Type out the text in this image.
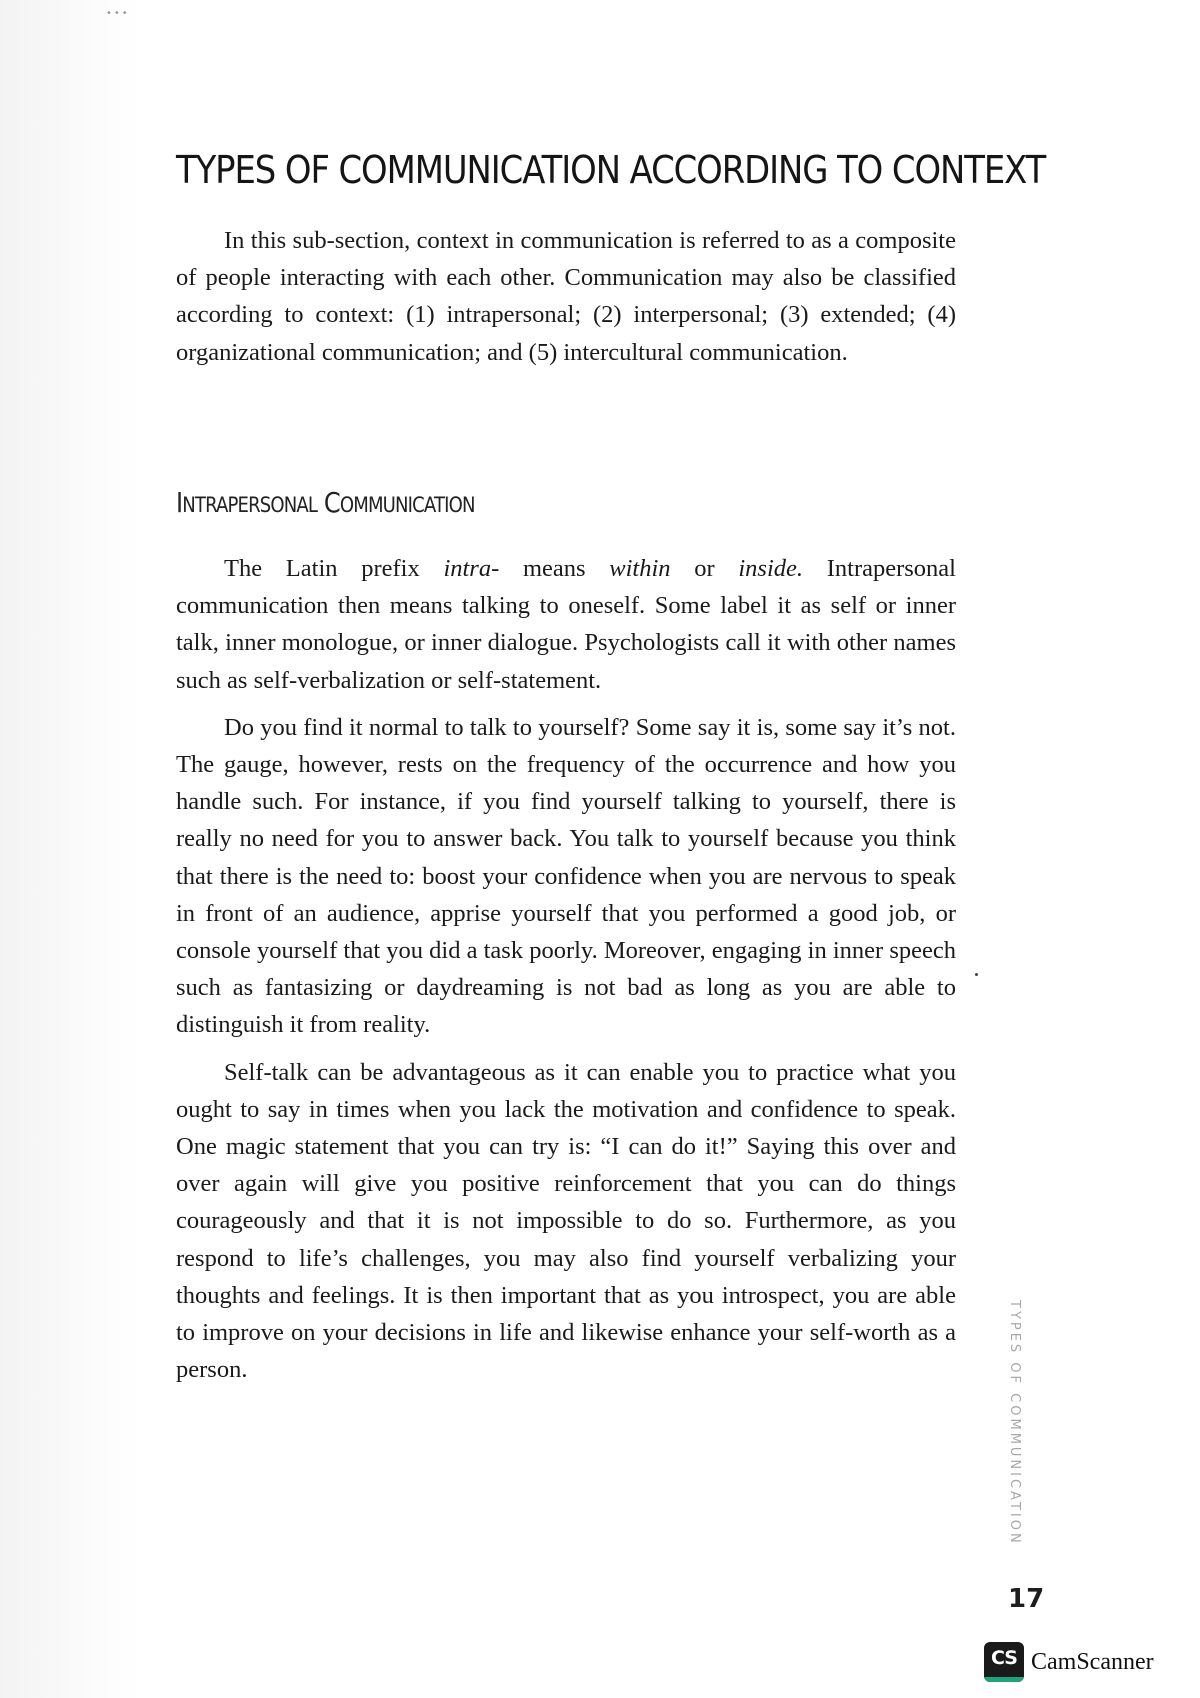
•••
TYPES OF COMMUNICATION ACCORDING TO CONTEXT

In this sub-section, context in communication is referred to as a composite of people interacting with each other. Communication may also be classified according to context: (1) intrapersonal; (2) interpersonal; (3) extended; (4) organizational communication; and (5) intercultural communication.

INTRAPERSONAL COMMUNICATION

The Latin prefix intra- means within or inside. Intrapersonal communication then means talking to oneself. Some label it as self or inner talk, inner monologue, or inner dialogue. Psychologists call it with other names such as self-verbalization or self-statement.

Do you find it normal to talk to yourself? Some say it is, some say it’s not. The gauge, however, rests on the frequency of the occurrence and how you handle such. For instance, if you find yourself talking to yourself, there is really no need for you to answer back. You talk to yourself because you think that there is the need to: boost your confidence when you are nervous to speak in front of an audience, apprise yourself that you performed a good job, or console yourself that you did a task poorly. Moreover, engaging in inner speech such as fantasizing or daydreaming is not bad as long as you are able to distinguish it from reality.

Self-talk can be advantageous as it can enable you to practice what you ought to say in times when you lack the motivation and confidence to speak. One magic statement that you can try is: “I can do it!” Saying this over and over again will give you positive reinforcement that you can do things courageously and that it is not impossible to do so. Furthermore, as you respond to life’s challenges, you may also find yourself verbalizing your thoughts and feelings. It is then important that as you introspect, you are able to improve on your decisions in life and likewise enhance your self-worth as a person.	TYPES OF COMMUNICATION
17
CS CamScanner
